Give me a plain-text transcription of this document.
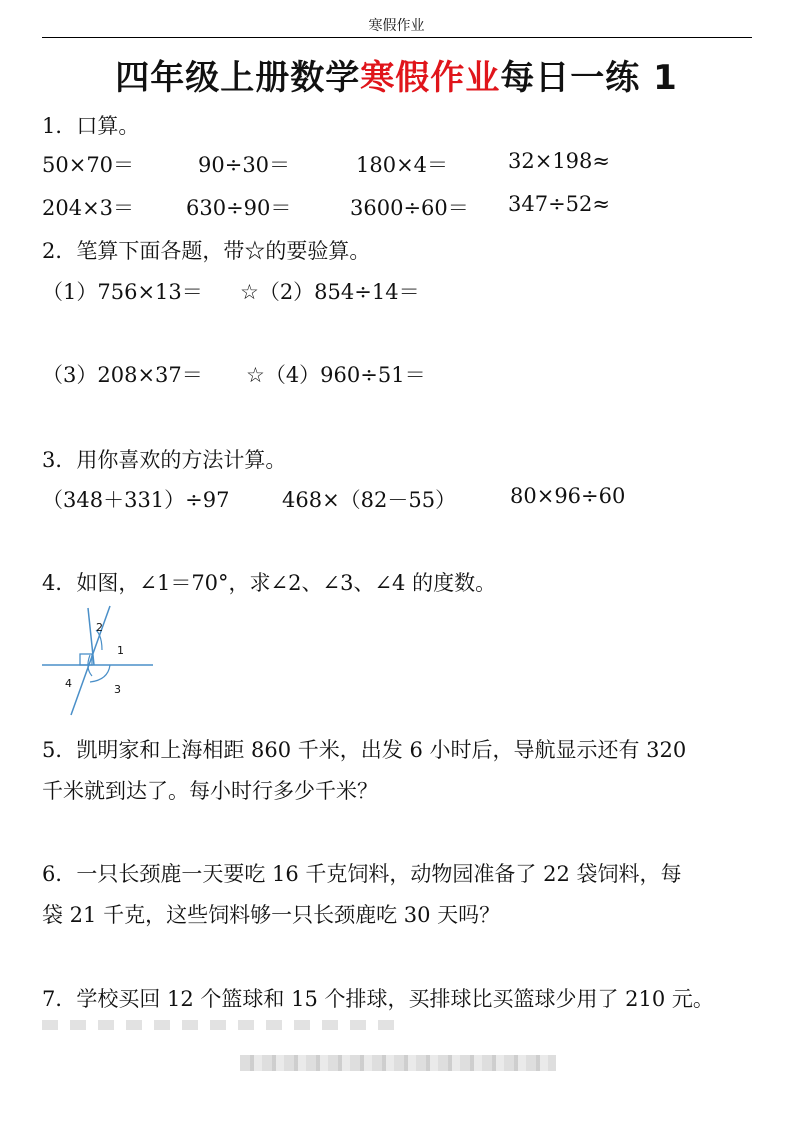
寒假作业
四年级上册数学寒假作业每日一练 1
1．口算。
50×70＝	90÷30＝	180×4＝	32×198≈
204×3＝ 630÷90＝	3600÷60＝ 347÷52≈
2．笔算下面各题，带☆的要验算。
（1）756×13＝ ☆（2）854÷14＝
（3）208×37＝ ☆（4）960÷51＝
3．用你喜欢的方法计算。
（348＋331）÷97	468×（82－55）	80×96÷60
4．如图，∠1＝70°，求∠2、∠3、∠4 的度数。
1
2
3
4
5．凯明家和上海相距 860 千米，出发 6 小时后，导航显示还有 320
千米就到达了。每小时行多少千米？
6．一只长颈鹿一天要吃 16 千克饲料，动物园准备了 22 袋饲料，每
袋 21 千克，这些饲料够一只长颈鹿吃 30 天吗？
7．学校买回 12 个篮球和 15 个排球，买排球比买篮球少用了 210 元。
